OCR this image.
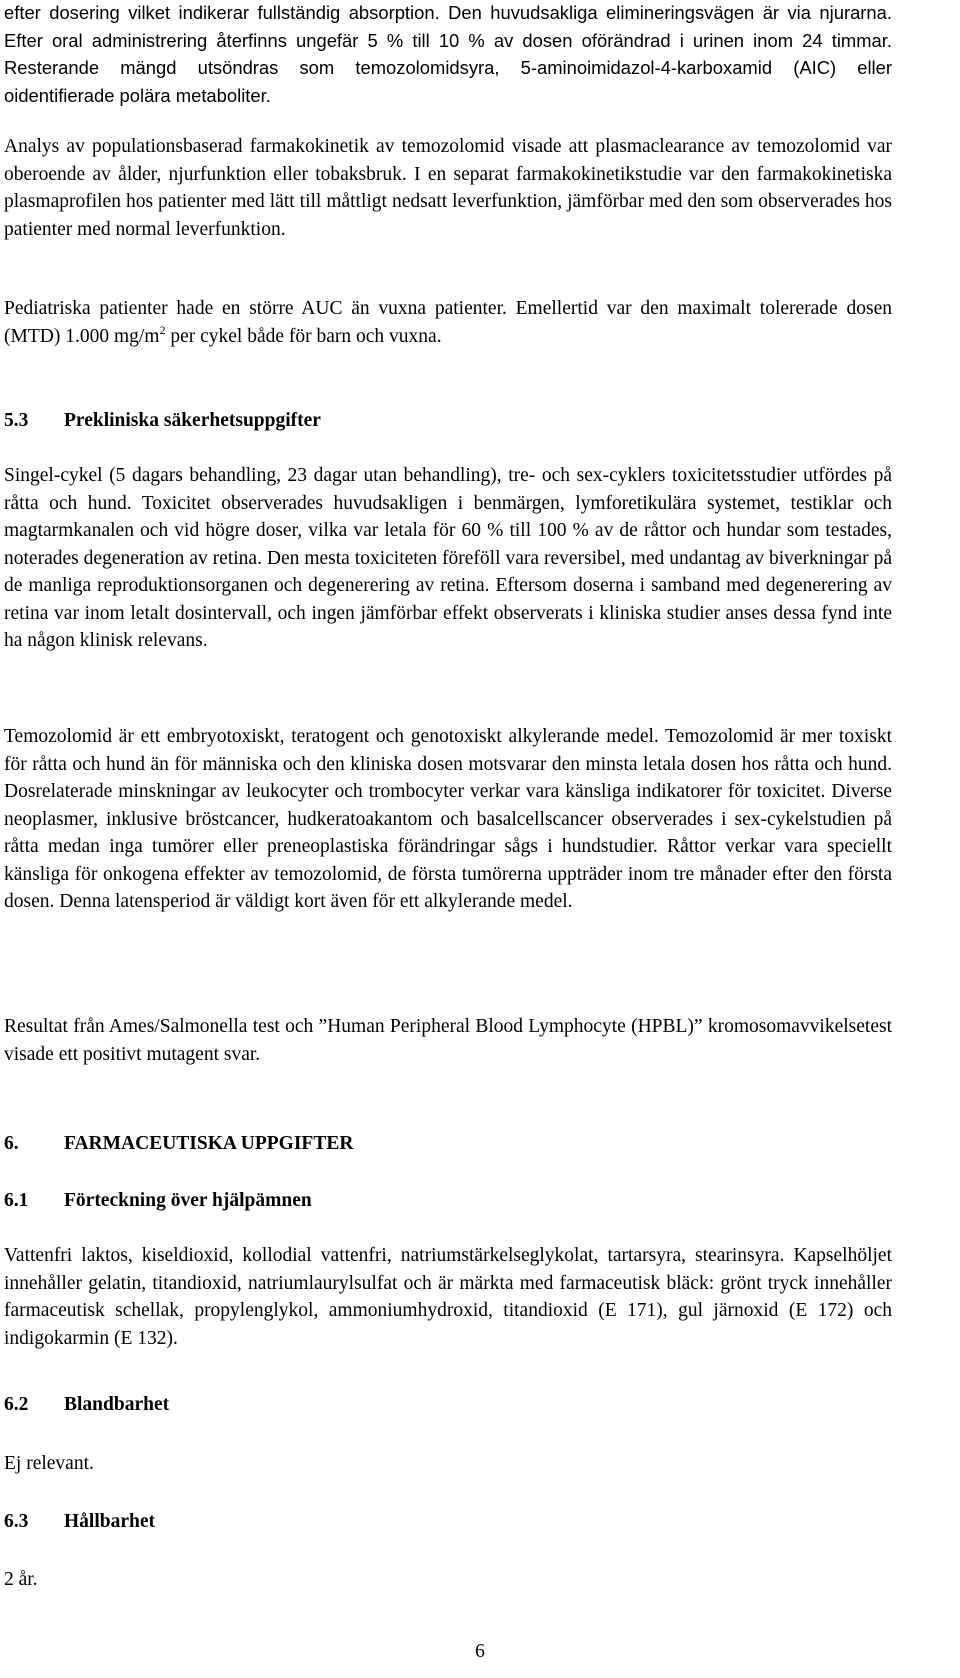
efter dosering vilket indikerar fullständig absorption. Den huvudsakliga elimineringsvägen är via njurarna. Efter oral administrering återfinns ungefär 5 % till 10 % av dosen oförändrad i urinen inom 24 timmar. Resterande mängd utsöndras som temozolomidsyra, 5-aminoimidazol-4-karboxamid (AIC) eller oidentifierade polära metaboliter.

Analys av populationsbaserad farmakokinetik av temozolomid visade att plasmaclearance av temozolomid var oberoende av ålder, njurfunktion eller tobaksbruk. I en separat farmakokinetikstudie var den farmakokinetiska plasmaprofilen hos patienter med lätt till måttligt nedsatt leverfunktion, jämförbar med den som observerades hos patienter med normal leverfunktion.

Pediatriska patienter hade en större AUC än vuxna patienter. Emellertid var den maximalt tolererade dosen (MTD) 1.000 $mg/m^2$ per cykel både för barn och vuxna.

5.3 Prekliniska säkerhetsuppgifter

Singel-cykel (5 dagars behandling, 23 dagar utan behandling), tre- och sex-cyklers toxicitetsstudier utfördes på råtta och hund. Toxicitet observerades huvudsakligen i benmärgen, lymforetikulära systemet, testiklar och magtarmkanalen och vid högre doser, vilka var letala för 60 % till 100 % av de råttor och hundar som testades, noterades degeneration av retina. Den mesta toxiciteten föreföll vara reversibel, med undantag av biverkningar på de manliga reproduktionsorganen och degenerering av retina. Eftersom doserna i samband med degenerering av retina var inom letalt dosintervall, och ingen jämförbar effekt observerats i kliniska studier anses dessa fynd inte ha någon klinisk relevans.

Temozolomid är ett embryotoxiskt, teratogent och genotoxiskt alkylerande medel. Temozolomid är mer toxiskt för råtta och hund än för människa och den kliniska dosen motsvarar den minsta letala dosen hos råtta och hund. Dosrelaterade minskningar av leukocyter och trombocyter verkar vara känsliga indikatorer för toxicitet. Diverse neoplasmer, inklusive bröstcancer, hudkeratoakantom och basalcellscancer observerades i sex-cykelstudien på råtta medan inga tumörer eller preneoplastiska förändringar sågs i hundstudier. Råttor verkar vara speciellt känsliga för onkogena effekter av temozolomid, de första tumörerna uppträder inom tre månader efter den första dosen. Denna latensperiod är väldigt kort även för ett alkylerande medel.

Resultat från Ames/Salmonella test och ”Human Peripheral Blood Lymphocyte (HPBL)” kromosomavvikelsetest visade ett positivt mutagent svar.

6. FARMACEUTISKA UPPGIFTER

6.1 Förteckning över hjälpämnen

Vattenfri laktos, kiseldioxid, kollodial vattenfri, natriumstärkelseglykolat, tartarsyra, stearinsyra. Kapselhöljet innehåller gelatin, titandioxid, natriumlaurylsulfat och är märkta med farmaceutisk bläck: grönt tryck innehåller farmaceutisk schellak, propylenglykol, ammoniumhydroxid, titandioxid (E 171), gul järnoxid (E 172) och indigokarmin (E 132).

6.2 Blandbarhet

Ej relevant.

6.3 Hållbarhet

2 år.

6
